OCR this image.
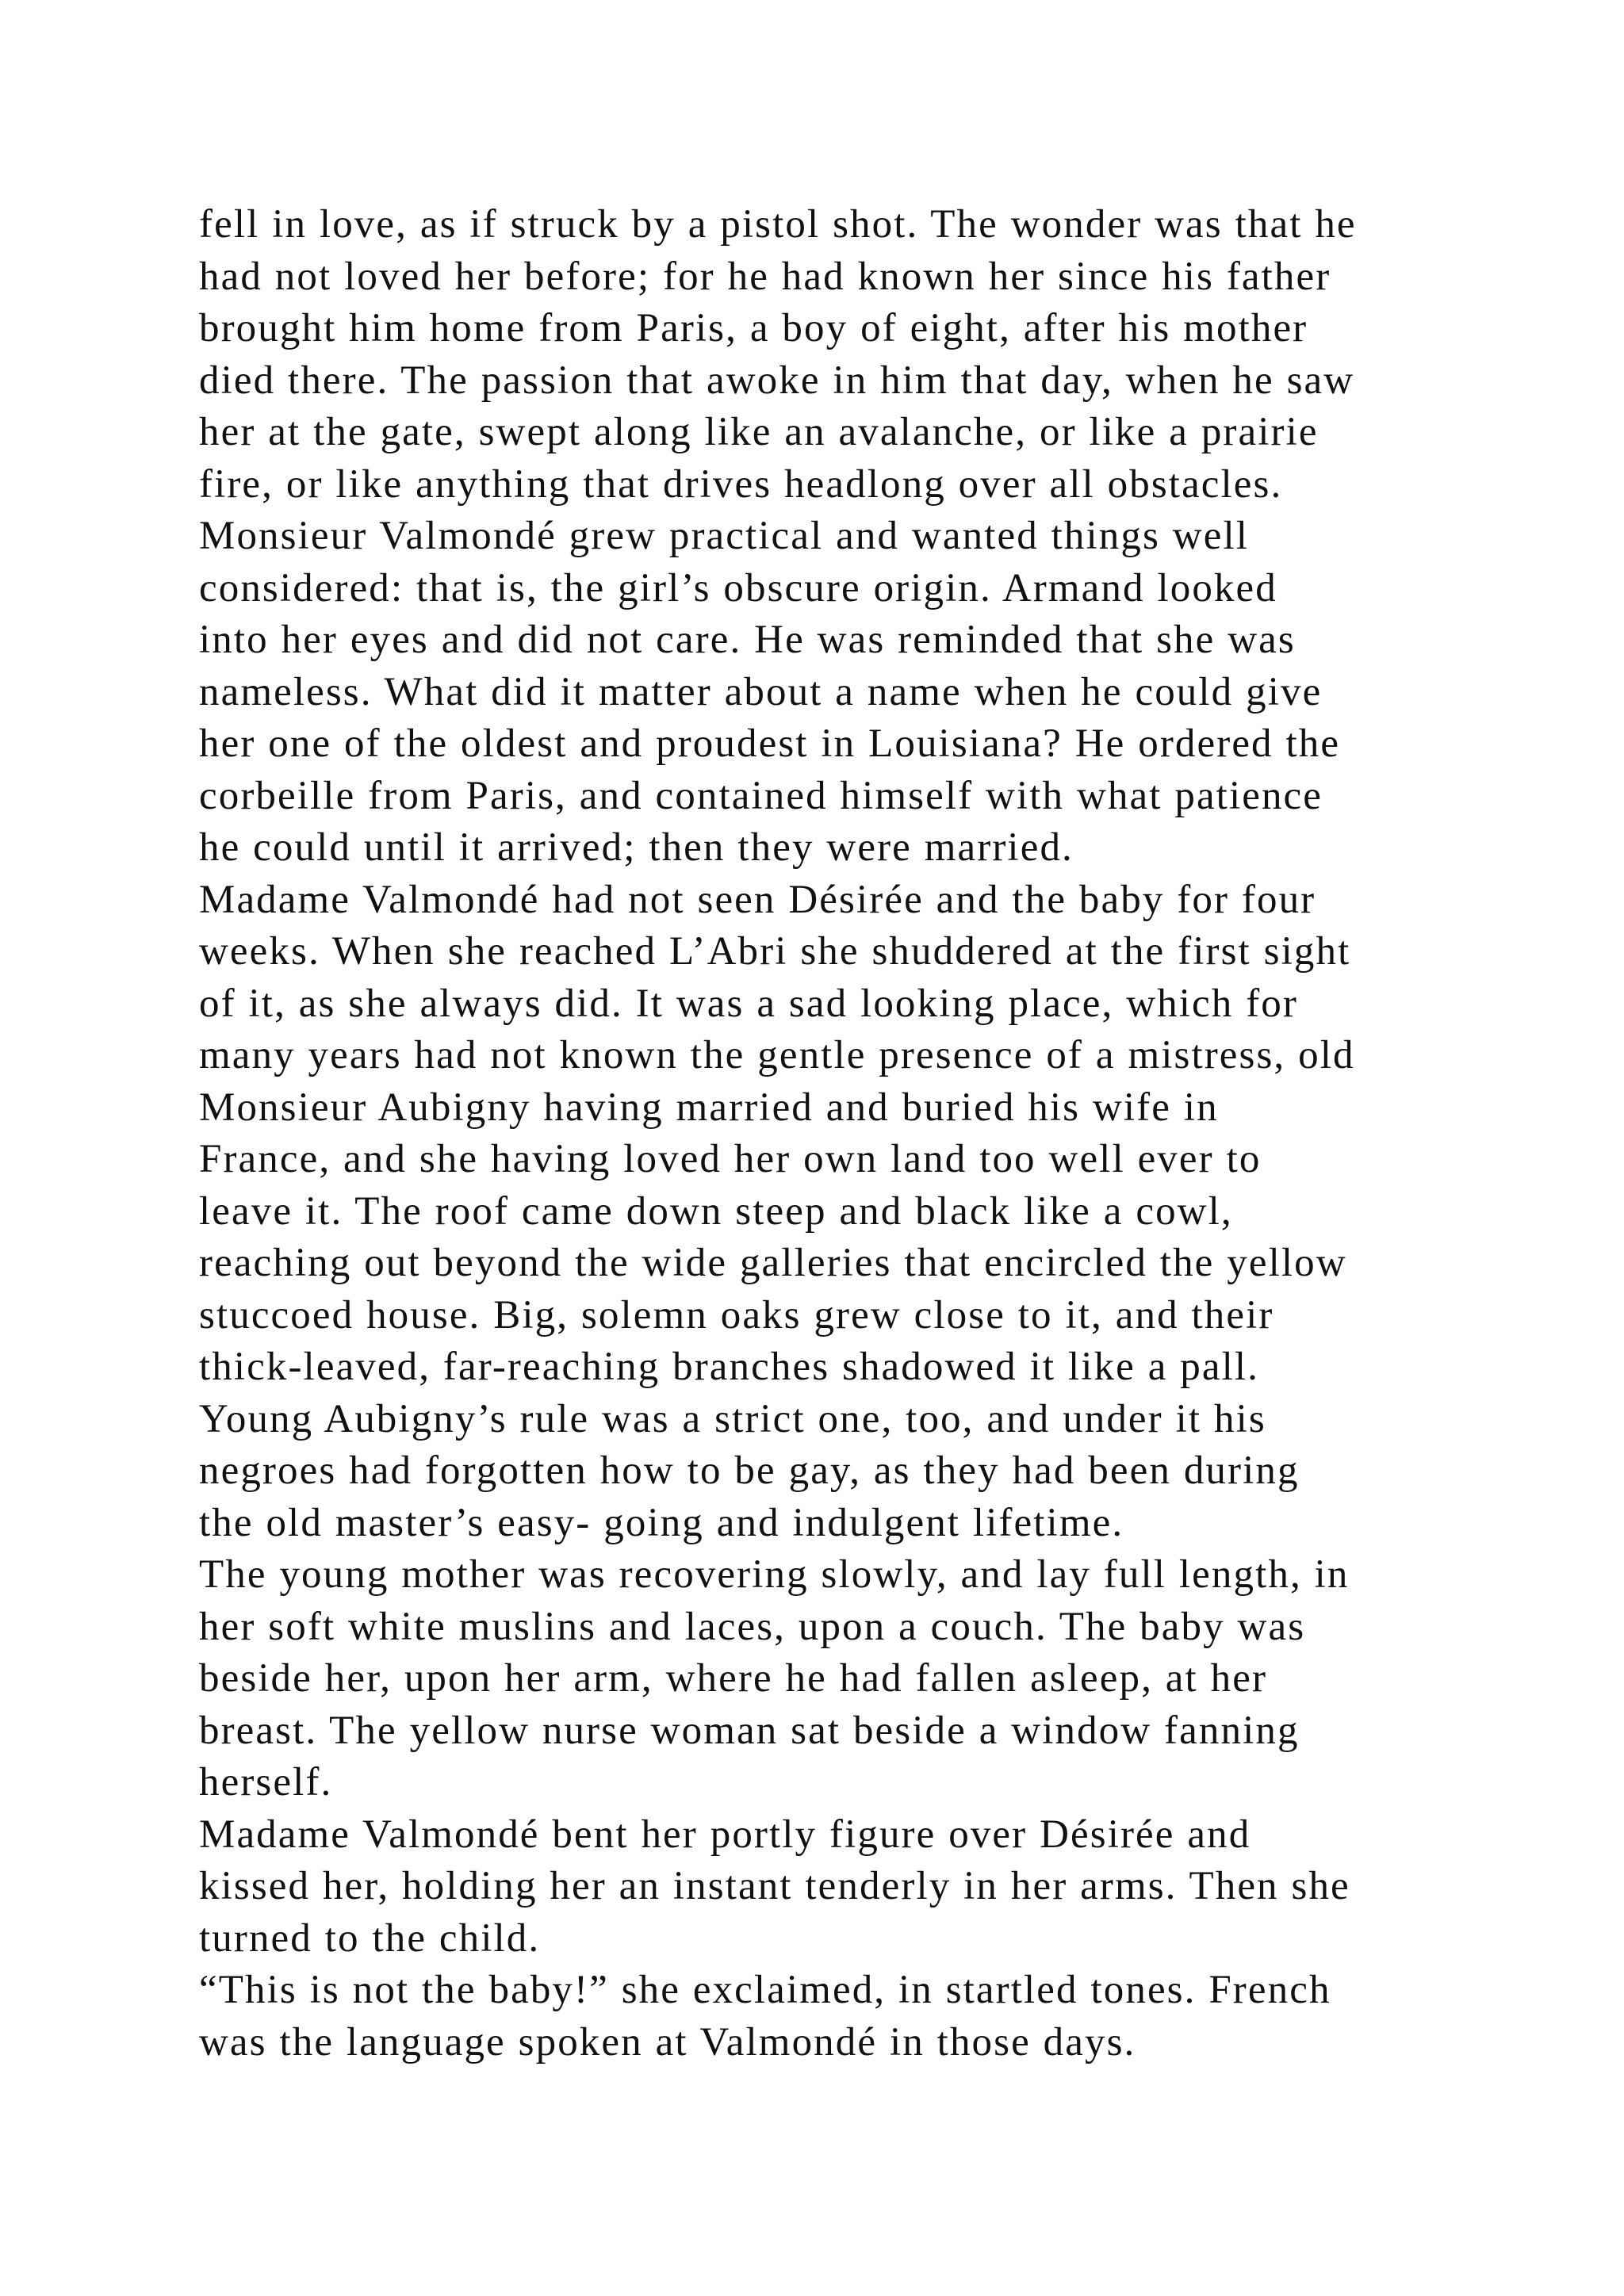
fell in love, as if struck by a pistol shot. The wonder was that he
had not loved her before; for he had known her since his father
brought him home from Paris, a boy of eight, after his mother
died there. The passion that awoke in him that day, when he saw
her at the gate, swept along like an avalanche, or like a prairie
fire, or like anything that drives headlong over all obstacles.
Monsieur Valmondé grew practical and wanted things well
considered: that is, the girl’s obscure origin. Armand looked
into her eyes and did not care. He was reminded that she was
nameless. What did it matter about a name when he could give
her one of the oldest and proudest in Louisiana? He ordered the
corbeille from Paris, and contained himself with what patience
he could until it arrived; then they were married.
Madame Valmondé had not seen Désirée and the baby for four
weeks. When she reached L’Abri she shuddered at the first sight
of it, as she always did. It was a sad looking place, which for
many years had not known the gentle presence of a mistress, old
Monsieur Aubigny having married and buried his wife in
France, and she having loved her own land too well ever to
leave it. The roof came down steep and black like a cowl,
reaching out beyond the wide galleries that encircled the yellow
stuccoed house. Big, solemn oaks grew close to it, and their
thick-leaved, far-reaching branches shadowed it like a pall.
Young Aubigny’s rule was a strict one, too, and under it his
negroes had forgotten how to be gay, as they had been during
the old master’s easy- going and indulgent lifetime.
The young mother was recovering slowly, and lay full length, in
her soft white muslins and laces, upon a couch. The baby was
beside her, upon her arm, where he had fallen asleep, at her
breast. The yellow nurse woman sat beside a window fanning
herself.
Madame Valmondé bent her portly figure over Désirée and
kissed her, holding her an instant tenderly in her arms. Then she
turned to the child.
“This is not the baby!” she exclaimed, in startled tones. French
was the language spoken at Valmondé in those days.
